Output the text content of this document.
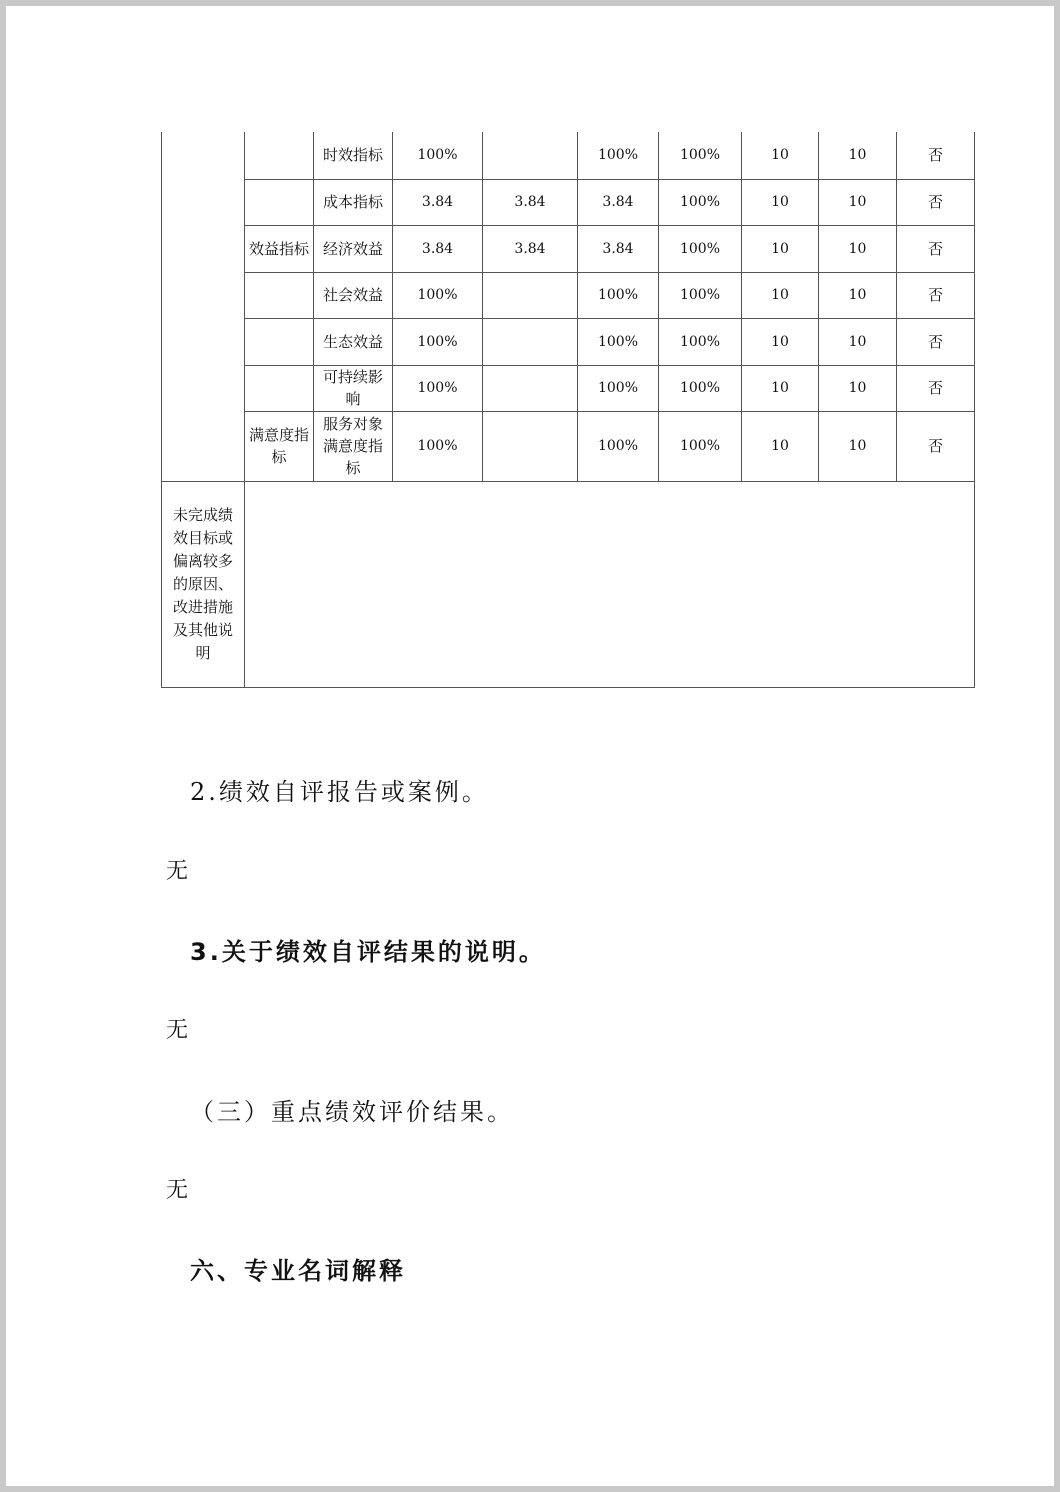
		时效指标	100%		100%	100%	10	10	否
		成本指标	3.84	3.84	3.84	100%	10	10	否
	效益指标	经济效益	3.84	3.84	3.84	100%	10	10	否
		社会效益	100%		100%	100%	10	10	否
		生态效益	100%		100%	100%	10	10	否
		可持续影响	100%		100%	100%	10	10	否
	满意度指标	服务对象满意度指标	100%		100%	100%	10	10	否
未完成绩效目标或偏离较多的原因、改进措施及其他说明									

2.绩效自评报告或案例。

无

3.关于绩效自评结果的说明。

无

（三）重点绩效评价结果。

无

六、专业名词解释
